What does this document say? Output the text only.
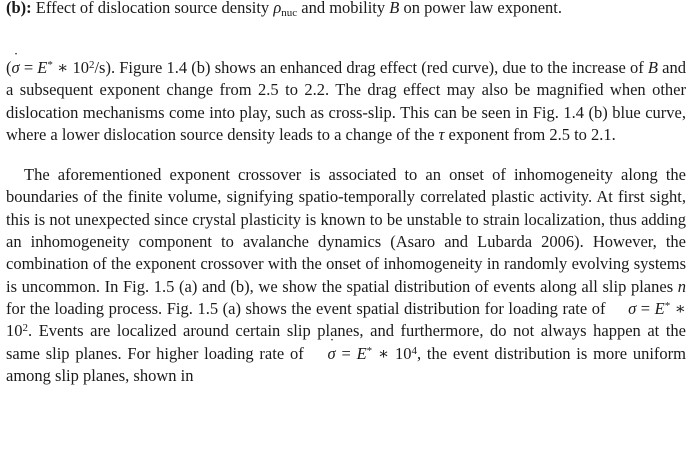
(b): Effect of dislocation source density $\rho_{nuc}$ and mobility B on power law exponent.

(σ ˙ = E* ∗ $10^2/s$). Figure 1.4 (b) shows an enhanced drag effect (red curve), due to the increase of B and a subsequent exponent change from 2.5 to 2.2. The drag effect may also be magnified when other dislocation mechanisms come into play, such as cross-slip. This can be seen in Fig. 1.4 (b) blue curve, where a lower dislocation source density leads to a change of the τ exponent from 2.5 to 2.1.

The aforementioned exponent crossover is associated to an onset of inhomogeneity along the boundaries of the finite volume, signifying spatio-temporally correlated plastic activity. At first sight, this is not unexpected since crystal plasticity is known to be unstable to strain localization, thus adding an inhomogeneity component to avalanche dynamics (Asaro and Lubarda 2006). However, the combination of the exponent crossover with the onset of inhomogeneity in randomly evolving systems is uncommon. In Fig. 1.5 (a) and (b), we show the spatial distribution of events along all slip planes n for the loading process. Fig. 1.5 (a) shows the event spatial distribution for loading rate of σ ˙ = E* ∗ $10^2$. Events are localized around certain slip planes, and furthermore, do not always happen at the same slip planes. For higher loading rate of σ ˙ = E* ∗ $10^4$, the event distribution is more uniform among slip planes, shown in
